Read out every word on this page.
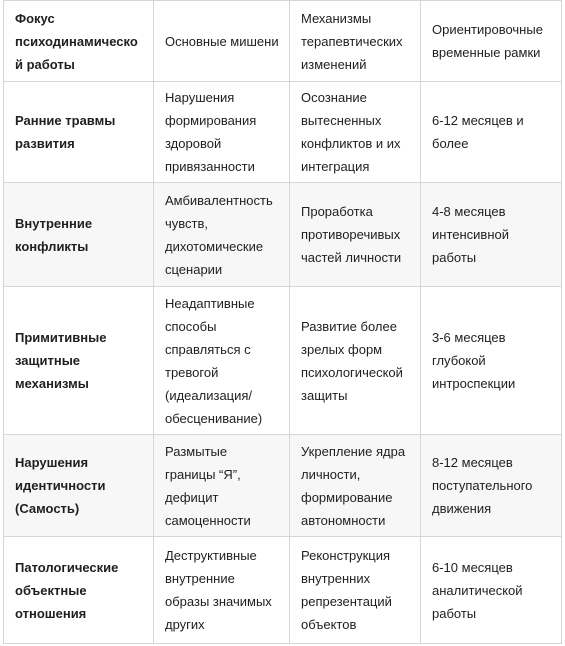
Фокус психодинамической работы	Основные мишени	Механизмы терапевтических изменений	Ориентировочные временные рамки
Ранние травмы развития	Нарушения формирования здоровой привязанности	Осознание вытесненных конфликтов и их интеграция	6-12 месяцев и более
Внутренние конфликты	Амбивалентность чувств, дихотомические сценарии	Проработка противоречивых частей личности	4-8 месяцев интенсивной работы
Примитивные защитные механизмы	Неадаптивные способы справляться с тревогой (идеализация/ обесценивание)	Развитие более зрелых форм психологической защиты	3-6 месяцев глубокой интроспекции
Нарушения идентичности (Самость)	Размытые границы “Я”, дефицит самоценности	Укрепление ядра личности, формирование автономности	8-12 месяцев поступательного движения
Патологические объектные отношения	Деструктивные внутренние образы значимых других	Реконструкция внутренних репрезентаций объектов	6-10 месяцев аналитической работы
